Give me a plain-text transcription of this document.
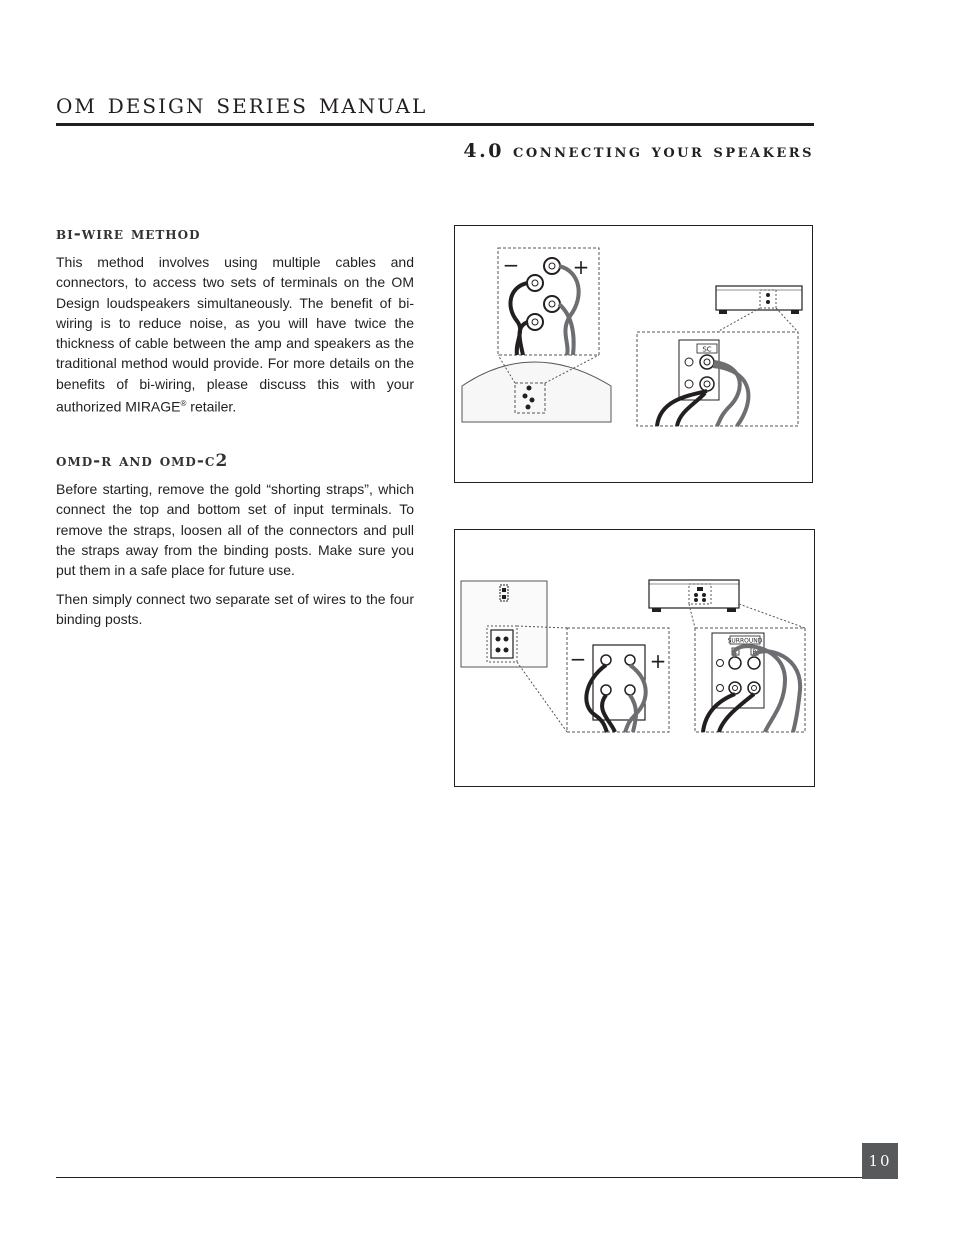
om design series manual
4.0 connecting your speakers
bi-wire method

This method involves using multiple cables and connectors, to access two sets of terminals on the OM Design loudspeakers simultaneously. The benefit of bi-wiring is to reduce noise, as you will have twice the thickness of cable between the amp and speakers as the traditional method would provide. For more details on the benefits of bi-wiring, please discuss this with your authorized MIRAGE® retailer.

omd-r and omd-c2

Before starting, remove the gold “shorting straps”, which connect the top and bottom set of input terminals. To remove the straps, loosen all of the connectors and pull the straps away from the binding posts. Make sure you put them in a safe place for future use.

Then simply connect two separate set of wires to the four binding posts.

−	+
SC
−	+
SURROUND
L	R
10
